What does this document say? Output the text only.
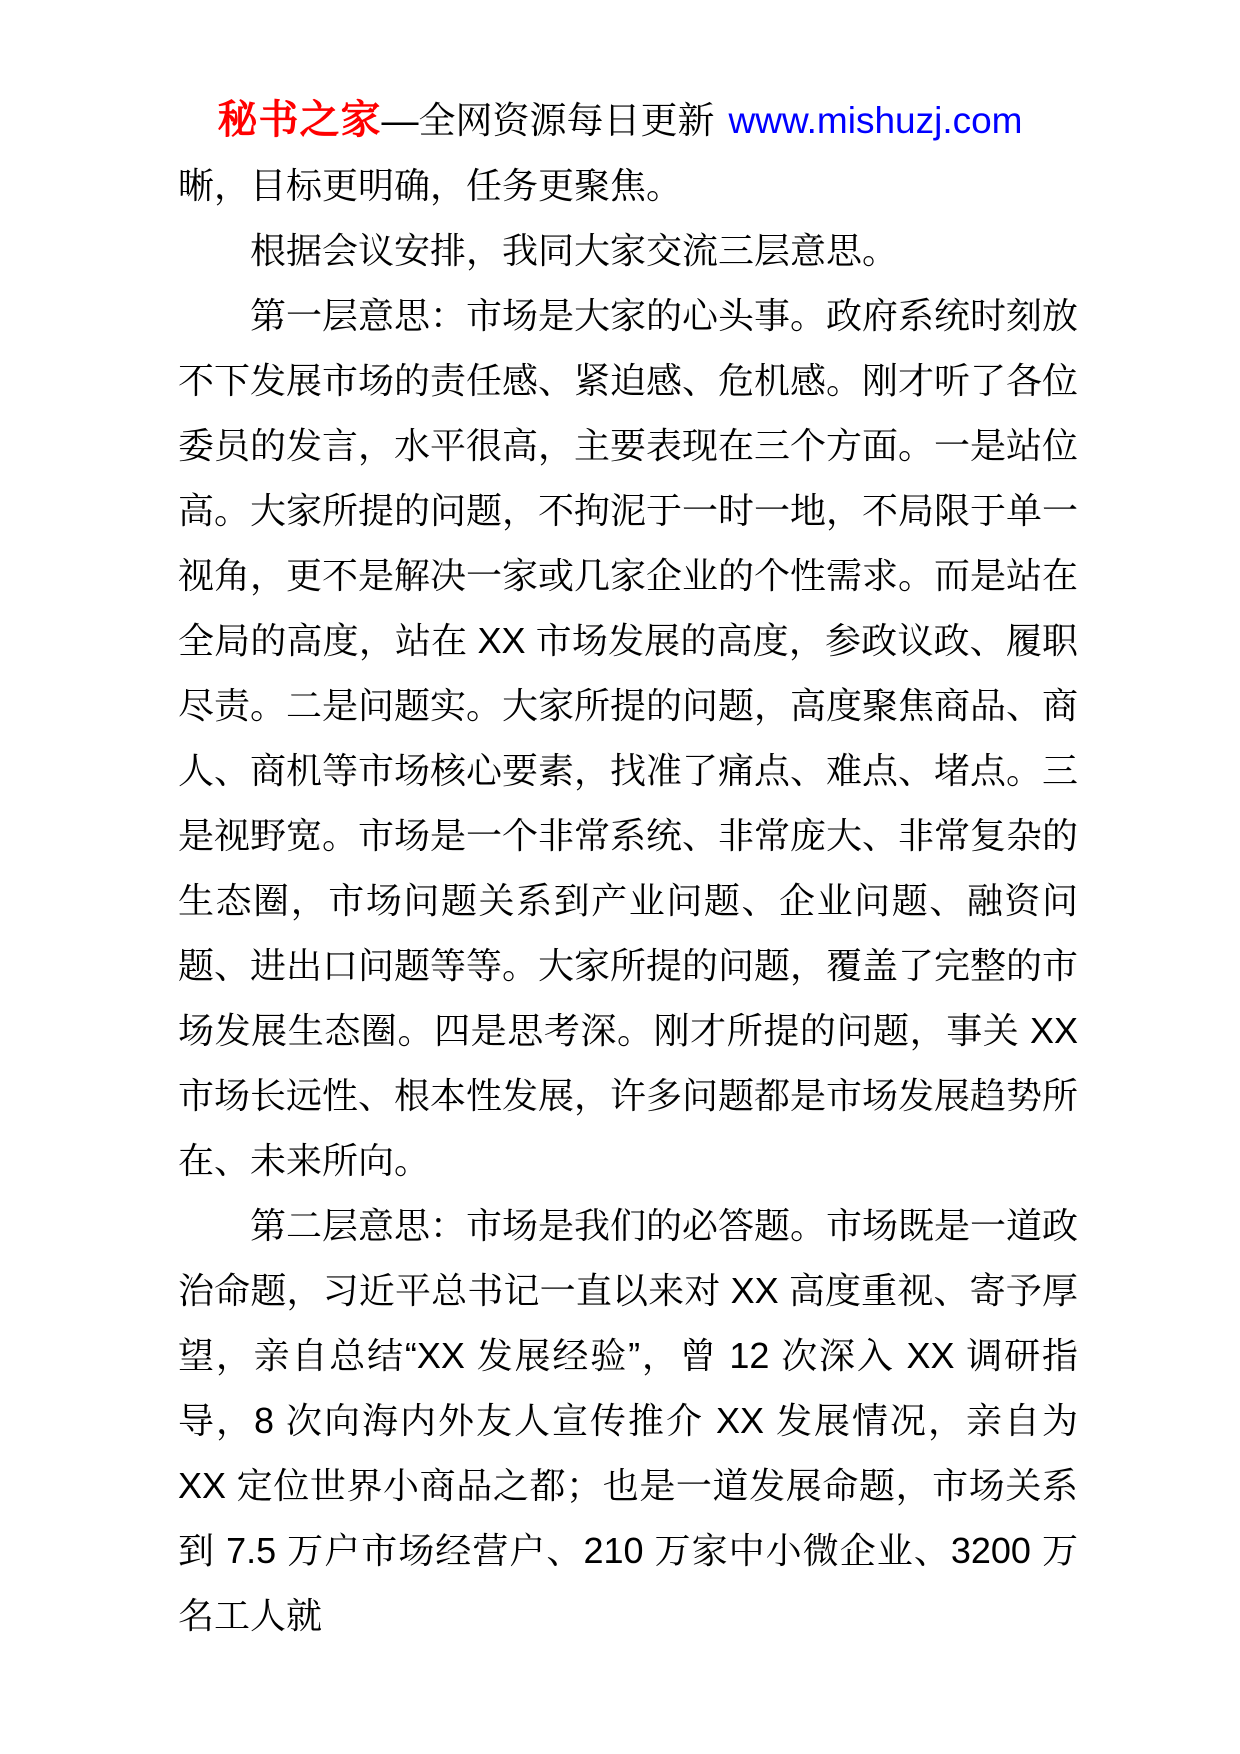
秘书之家—全网资源每日更新 www.mishuzj.com

晰，目标更明确，任务更聚焦。

根据会议安排，我同大家交流三层意思。

第一层意思：市场是大家的心头事。政府系统时刻放不下发展市场的责任感、紧迫感、危机感。刚才听了各位委员的发言，水平很高，主要表现在三个方面。一是站位高。大家所提的问题，不拘泥于一时一地，不局限于单一视角，更不是解决一家或几家企业的个性需求。而是站在全局的高度，站在 XX 市场发展的高度，参政议政、履职尽责。二是问题实。大家所提的问题，高度聚焦商品、商人、商机等市场核心要素，找准了痛点、难点、堵点。三是视野宽。市场是一个非常系统、非常庞大、非常复杂的生态圈，市场问题关系到产业问题、企业问题、融资问题、进出口问题等等。大家所提的问题，覆盖了完整的市场发展生态圈。四是思考深。刚才所提的问题，事关 XX 市场长远性、根本性发展，许多问题都是市场发展趋势所在、未来所向。

第二层意思：市场是我们的必答题。市场既是一道政治命题，习近平总书记一直以来对 XX 高度重视、寄予厚望，亲自总结“XX 发展经验”，曾 12 次深入 XX 调研指导，8 次向海内外友人宣传推介 XX 发展情况，亲自为 XX 定位世界小商品之都；也是一道发展命题，市场关系到 7.5 万户市场经营户、210 万家中小微企业、3200 万名工人就
